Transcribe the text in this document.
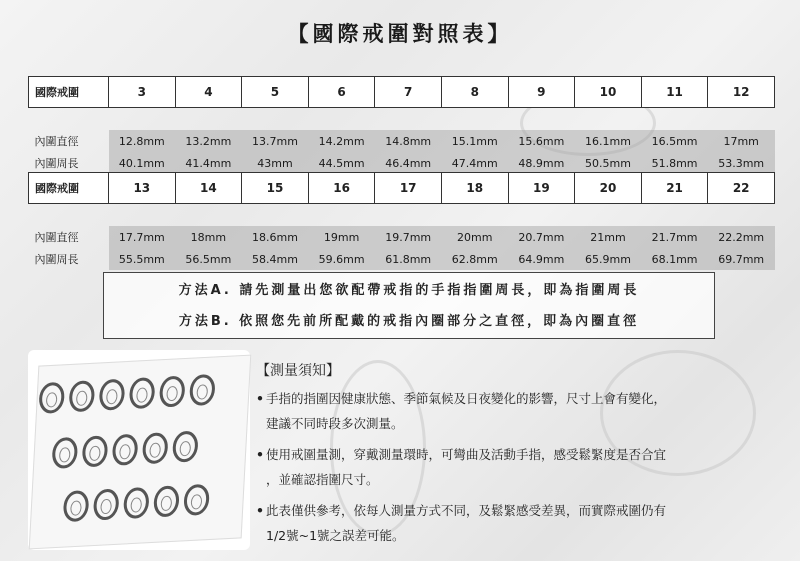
【國際戒圍對照表】
國際戒圍	3	4	5	6	7	8	9	10	11	12

內圍直徑	12.8mm	13.2mm	13.7mm	14.2mm	14.8mm	15.1mm	15.6mm	16.1mm	16.5mm	17mm
內圍周長	40.1mm	41.4mm	43mm	44.5mm	46.4mm	47.4mm	48.9mm	50.5mm	51.8mm	53.3mm
國際戒圍	13	14	15	16	17	18	19	20	21	22

內圍直徑	17.7mm	18mm	18.6mm	19mm	19.7mm	20mm	20.7mm	21mm	21.7mm	22.2mm
內圍周長	55.5mm	56.5mm	58.4mm	59.6mm	61.8mm	62.8mm	64.9mm	65.9mm	68.1mm	69.7mm
方法A. 請先測量出您欲配帶戒指的手指指圍周長，即為指圍周長
方法B. 依照您先前所配戴的戒指內圈部分之直徑，即為內圈直徑
【測量須知】
• 手指的指圍因健康狀態、季節氣候及日夜變化的影響，尺寸上會有變化，
建議不同時段多次測量。
• 使用戒圍量測，穿戴測量環時，可彎曲及活動手指，感受鬆緊度是否合宜
，並確認指圍尺寸。
• 此表僅供參考，依每人測量方式不同，及鬆緊感受差異，而實際戒圍仍有
1/2號~1號之誤差可能。
